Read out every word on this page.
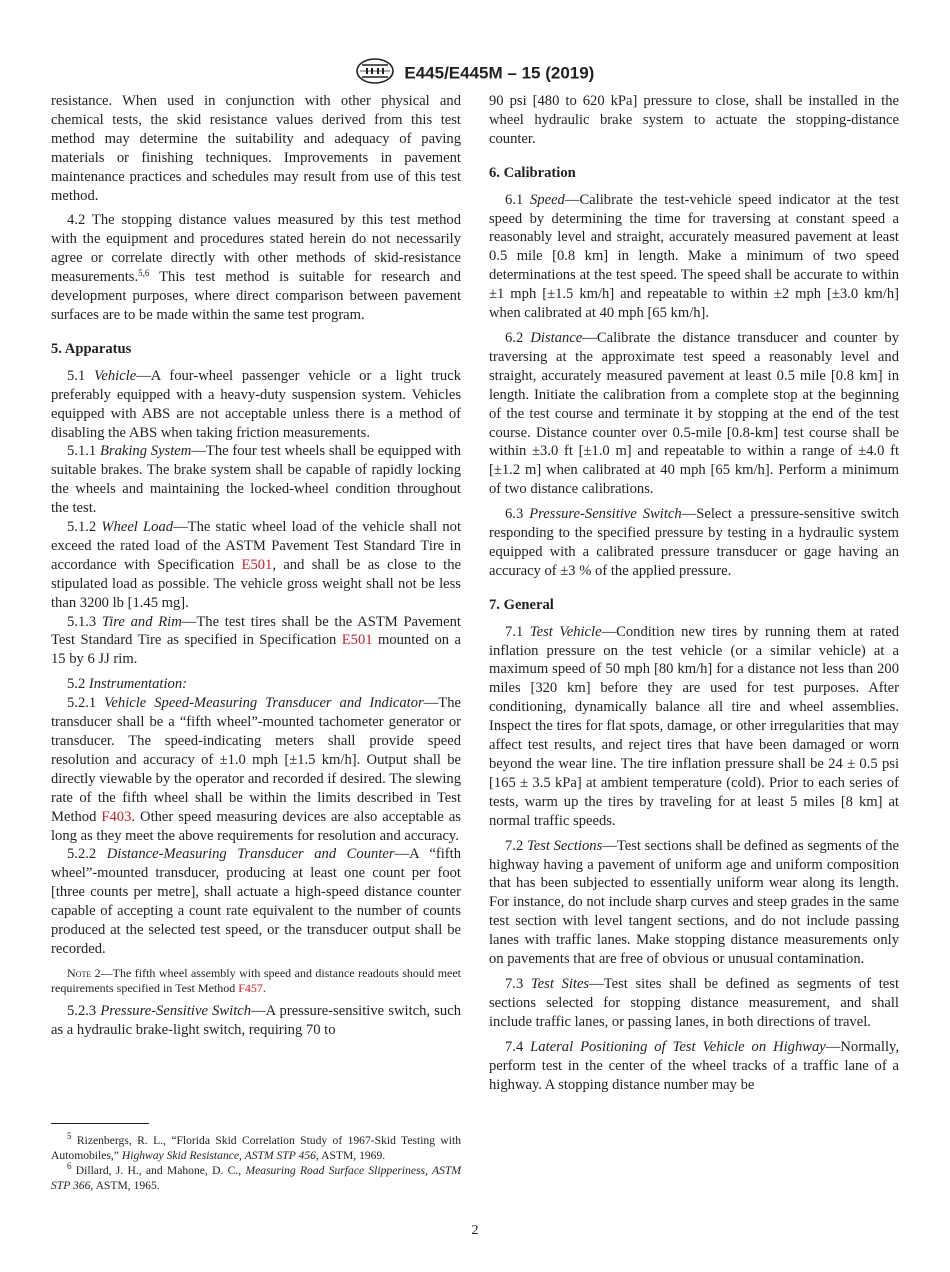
E445/E445M – 15 (2019)

resistance. When used in conjunction with other physical and chemical tests, the skid resistance values derived from this test method may determine the suitability and adequacy of paving materials or finishing techniques. Improvements in pavement maintenance practices and schedules may result from use of this test method.

4.2 The stopping distance values measured by this test method with the equipment and procedures stated herein do not necessarily agree or correlate directly with other methods of skid-resistance measurements.$^{5,6}$ This test method is suitable for research and development purposes, where direct comparison between pavement surfaces are to be made within the same test program.

5. Apparatus

5.1 Vehicle—A four-wheel passenger vehicle or a light truck preferably equipped with a heavy-duty suspension system. Vehicles equipped with ABS are not acceptable unless there is a method of disabling the ABS when taking friction measurements.

5.1.1 Braking System—The four test wheels shall be equipped with suitable brakes. The brake system shall be capable of rapidly locking the wheels and maintaining the locked-wheel condition throughout the test.

5.1.2 Wheel Load—The static wheel load of the vehicle shall not exceed the rated load of the ASTM Pavement Test Standard Tire in accordance with Specification E501, and shall be as close to the stipulated load as possible. The vehicle gross weight shall not be less than 3200 lb [1.45 mg].

5.1.3 Tire and Rim—The test tires shall be the ASTM Pavement Test Standard Tire as specified in Specification E501 mounted on a 15 by 6 JJ rim.

5.2 Instrumentation:

5.2.1 Vehicle Speed-Measuring Transducer and Indicator—The transducer shall be a “fifth wheel”-mounted tachometer generator or transducer. The speed-indicating meters shall provide speed resolution and accuracy of ±1.0 mph [±1.5 km/h]. Output shall be directly viewable by the operator and recorded if desired. The slewing rate of the fifth wheel shall be within the limits described in Test Method F403. Other speed measuring devices are also acceptable as long as they meet the above requirements for resolution and accuracy.

5.2.2 Distance-Measuring Transducer and Counter—A “fifth wheel”-mounted transducer, producing at least one count per foot [three counts per metre], shall actuate a high-speed distance counter capable of accepting a count rate equivalent to the number of counts produced at the selected test speed, or the transducer output shall be recorded.

Note 2—The fifth wheel assembly with speed and distance readouts should meet requirements specified in Test Method F457.

5.2.3 Pressure-Sensitive Switch—A pressure-sensitive switch, such as a hydraulic brake-light switch, requiring 70 to

$^5$ Rizenbergs, R. L., “Florida Skid Correlation Study of 1967-Skid Testing with Automobiles,” Highway Skid Resistance, ASTM STP 456, ASTM, 1969.

$^6$ Dillard, J. H., and Mahone, D. C., Measuring Road Surface Slipperiness, ASTM STP 366, ASTM, 1965.

90 psi [480 to 620 kPa] pressure to close, shall be installed in the wheel hydraulic brake system to actuate the stopping-distance counter.

6. Calibration

6.1 Speed—Calibrate the test-vehicle speed indicator at the test speed by determining the time for traversing at constant speed a reasonably level and straight, accurately measured pavement at least 0.5 mile [0.8 km] in length. Make a minimum of two speed determinations at the test speed. The speed shall be accurate to within ±1 mph [±1.5 km/h] and repeatable to within ±2 mph [±3.0 km/h] when calibrated at 40 mph [65 km/h].

6.2 Distance—Calibrate the distance transducer and counter by traversing at the approximate test speed a reasonably level and straight, accurately measured pavement at least 0.5 mile [0.8 km] in length. Initiate the calibration from a complete stop at the beginning of the test course and terminate it by stopping at the end of the test course. Distance counter over 0.5-mile [0.8-km] test course shall be within ±3.0 ft [±1.0 m] and repeatable to within a range of ±4.0 ft [±1.2 m] when calibrated at 40 mph [65 km/h]. Perform a minimum of two distance calibrations.

6.3 Pressure-Sensitive Switch—Select a pressure-sensitive switch responding to the specified pressure by testing in a hydraulic system equipped with a calibrated pressure transducer or gage having an accuracy of ±3 % of the applied pressure.

7. General

7.1 Test Vehicle—Condition new tires by running them at rated inflation pressure on the test vehicle (or a similar vehicle) at a maximum speed of 50 mph [80 km/h] for a distance not less than 200 miles [320 km] before they are used for test purposes. After conditioning, dynamically balance all tire and wheel assemblies. Inspect the tires for flat spots, damage, or other irregularities that may affect test results, and reject tires that have been damaged or worn beyond the wear line. The tire inflation pressure shall be 24 ± 0.5 psi [165 ± 3.5 kPa] at ambient temperature (cold). Prior to each series of tests, warm up the tires by traveling for at least 5 miles [8 km] at normal traffic speeds.

7.2 Test Sections—Test sections shall be defined as segments of the highway having a pavement of uniform age and uniform composition that has been subjected to essentially uniform wear along its length. For instance, do not include sharp curves and steep grades in the same test section with level tangent sections, and do not include passing lanes with traffic lanes. Make stopping distance measurements only on pavements that are free of obvious or unusual contamination.

7.3 Test Sites—Test sites shall be defined as segments of test sections selected for stopping distance measurement, and shall include traffic lanes, or passing lanes, in both directions of travel.

7.4 Lateral Positioning of Test Vehicle on Highway—Normally, perform test in the center of the wheel tracks of a traffic lane of a highway. A stopping distance number may be

2
